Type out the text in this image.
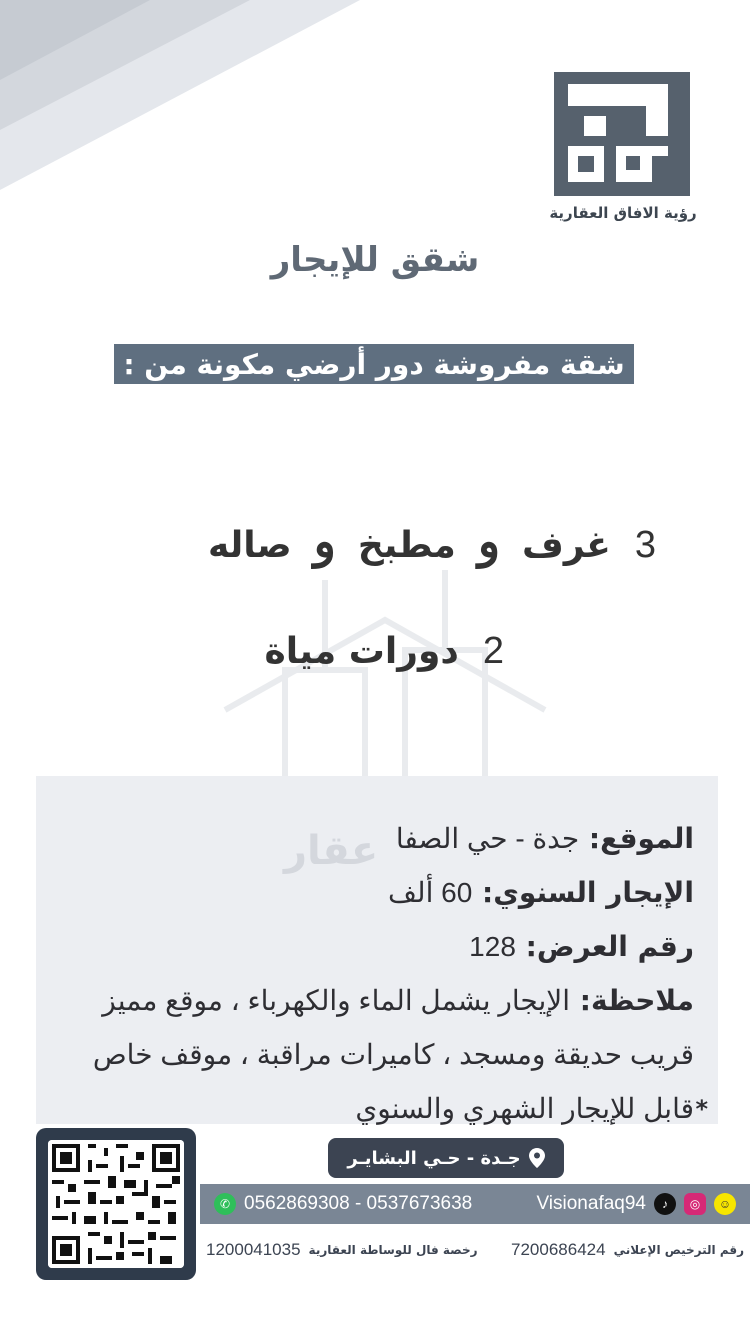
رؤية الافاق العقارية
شقق للإيجار
شقة مفروشة دور أرضي مكونة من :
3
غرف
و
مطبخ
و
صاله
2
دورات مياة
الموقع: جدة - حي الصفا
الإيجار السنوي: 60 ألف
رقم العرض: 128
ملاحظة: الإيجار يشمل الماء والكهرباء ، موقع مميز
قريب حديقة ومسجد ، كاميرات مراقبة ، موقف خاص
*
قابل للإيجار الشهري والسنوي
عقار
جـدة - حـي البشايـر
✆ 0562869308 - 0537673638	Visionafaq94	♪	◎	☺
رقم الترخيص الإعلاني
7200686424
رخصة فال للوساطة العقارية
1200041035
